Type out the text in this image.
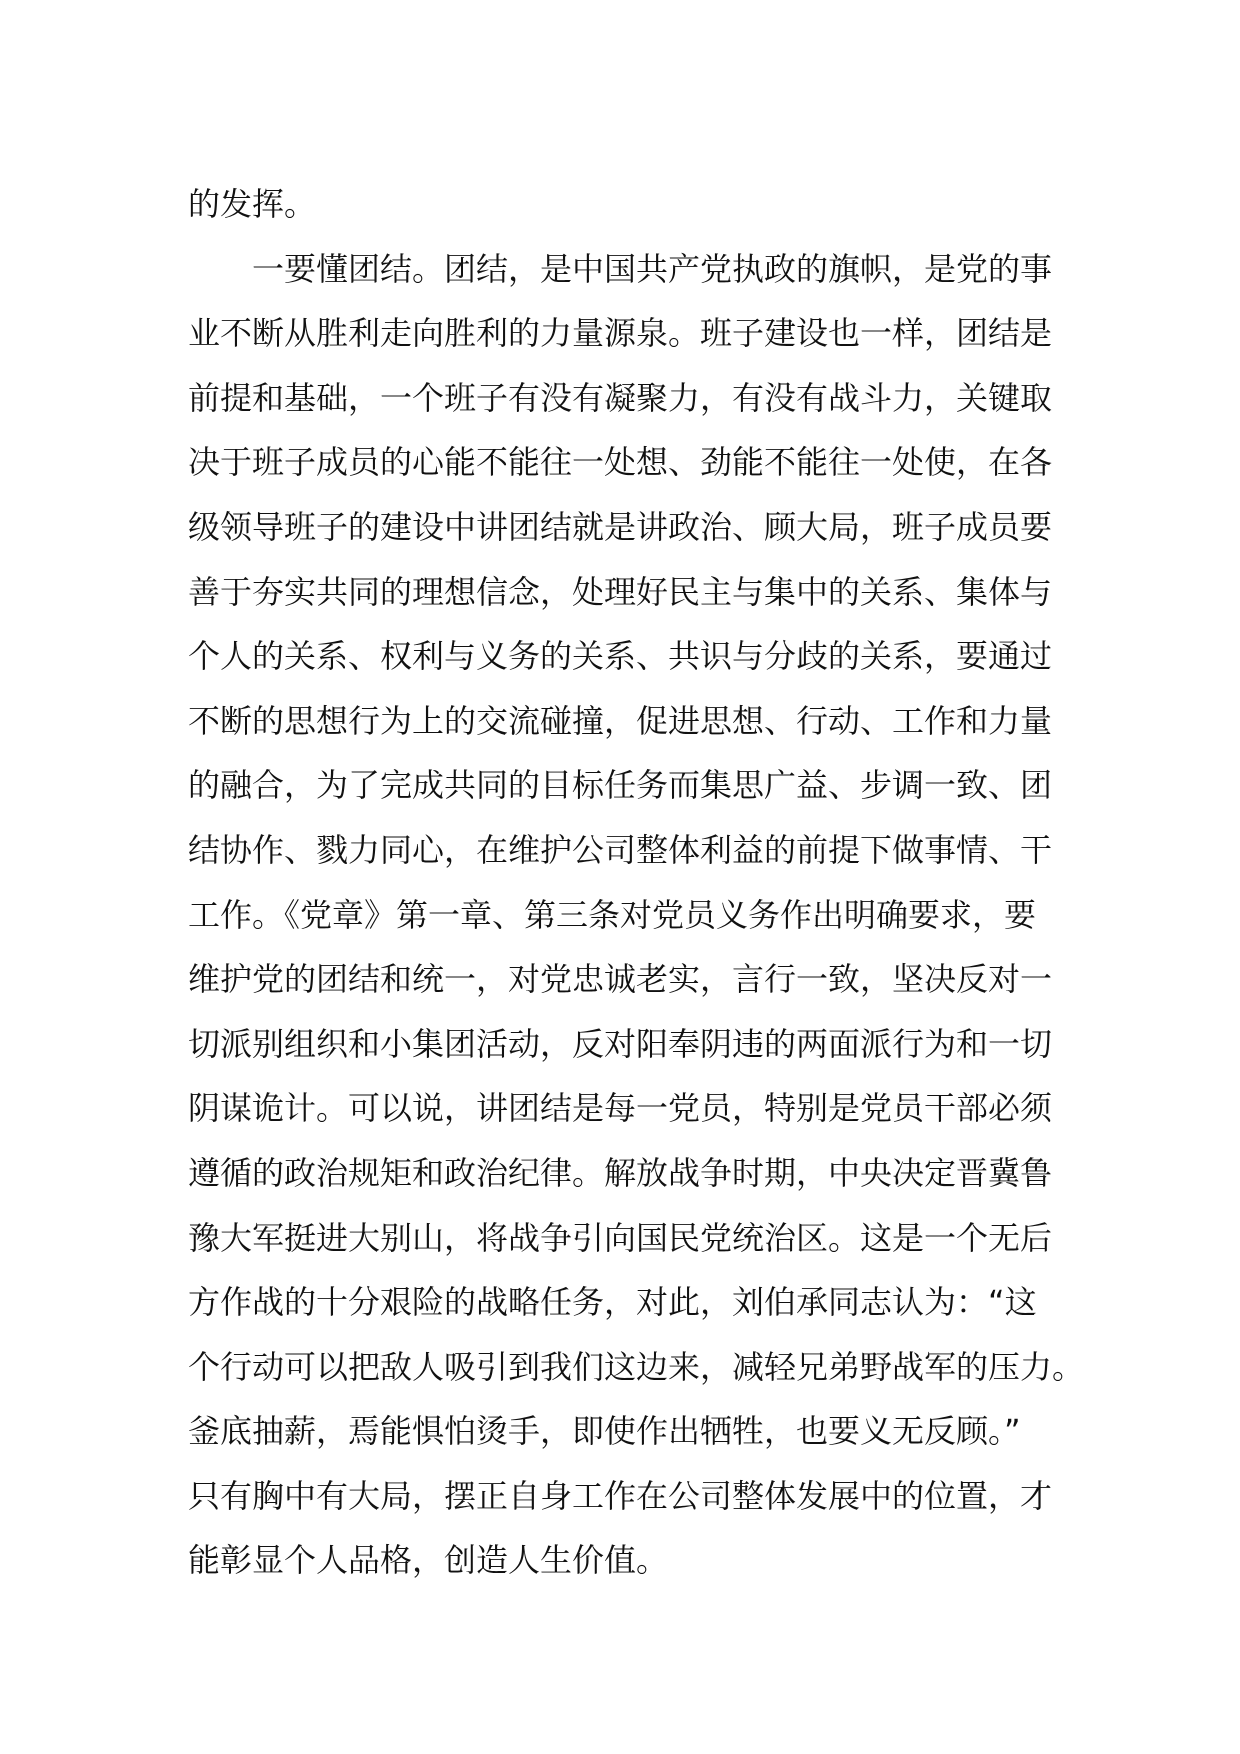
的发挥。

一要懂团结。团结，是中国共产党执政的旗帜，是党的事

业不断从胜利走向胜利的力量源泉。班子建设也一样，团结是

前提和基础，一个班子有没有凝聚力，有没有战斗力，关键取

决于班子成员的心能不能往一处想、劲能不能往一处使，在各

级领导班子的建设中讲团结就是讲政治、顾大局，班子成员要

善于夯实共同的理想信念，处理好民主与集中的关系、集体与

个人的关系、权利与义务的关系、共识与分歧的关系，要通过

不断的思想行为上的交流碰撞，促进思想、行动、工作和力量

的融合，为了完成共同的目标任务而集思广益、步调一致、团

结协作、戮力同心，在维护公司整体利益的前提下做事情、干

工作。《党章》第一章、第三条对党员义务作出明确要求，要

维护党的团结和统一，对党忠诚老实，言行一致，坚决反对一

切派别组织和小集团活动，反对阳奉阴违的两面派行为和一切

阴谋诡计。可以说，讲团结是每一党员，特别是党员干部必须

遵循的政治规矩和政治纪律。解放战争时期，中央决定晋冀鲁

豫大军挺进大别山，将战争引向国民党统治区。这是一个无后

方作战的十分艰险的战略任务，对此，刘伯承同志认为：“这

个行动可以把敌人吸引到我们这边来，减轻兄弟野战军的压力。

釜底抽薪，焉能惧怕烫手，即使作出牺牲，也要义无反顾。”

只有胸中有大局，摆正自身工作在公司整体发展中的位置，才

能彰显个人品格，创造人生价值。
